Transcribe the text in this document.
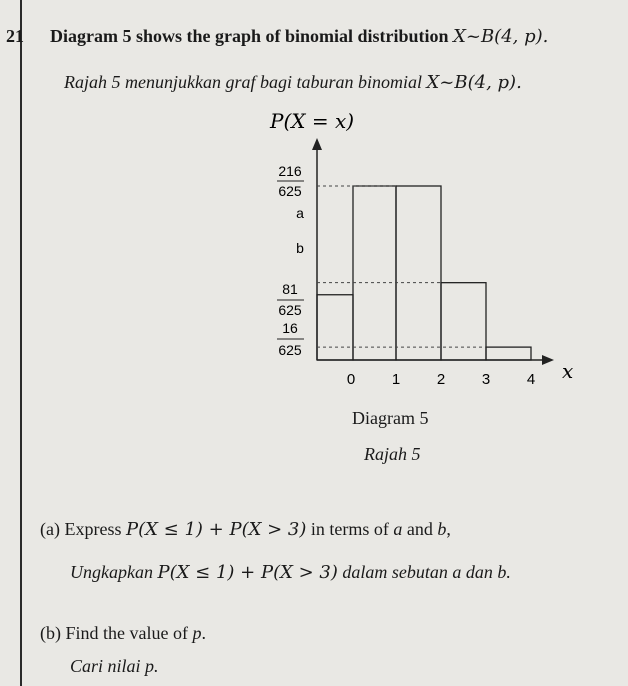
21 Diagram 5 shows the graph of binomial distribution X~B(4, p).
Rajah 5 menunjukkan graf bagi taburan binomial X~B(4, p).
P(X = x)
x
216
625
a
b
81
625
16
625
0 1 2 3 4
Diagram 5
Rajah 5
(a) Express P(X ≤ 1) + P(X > 3) in terms of a and b,
Ungkapkan P(X ≤ 1) + P(X > 3) dalam sebutan a dan b.
(b) Find the value of p.
Cari nilai p.
